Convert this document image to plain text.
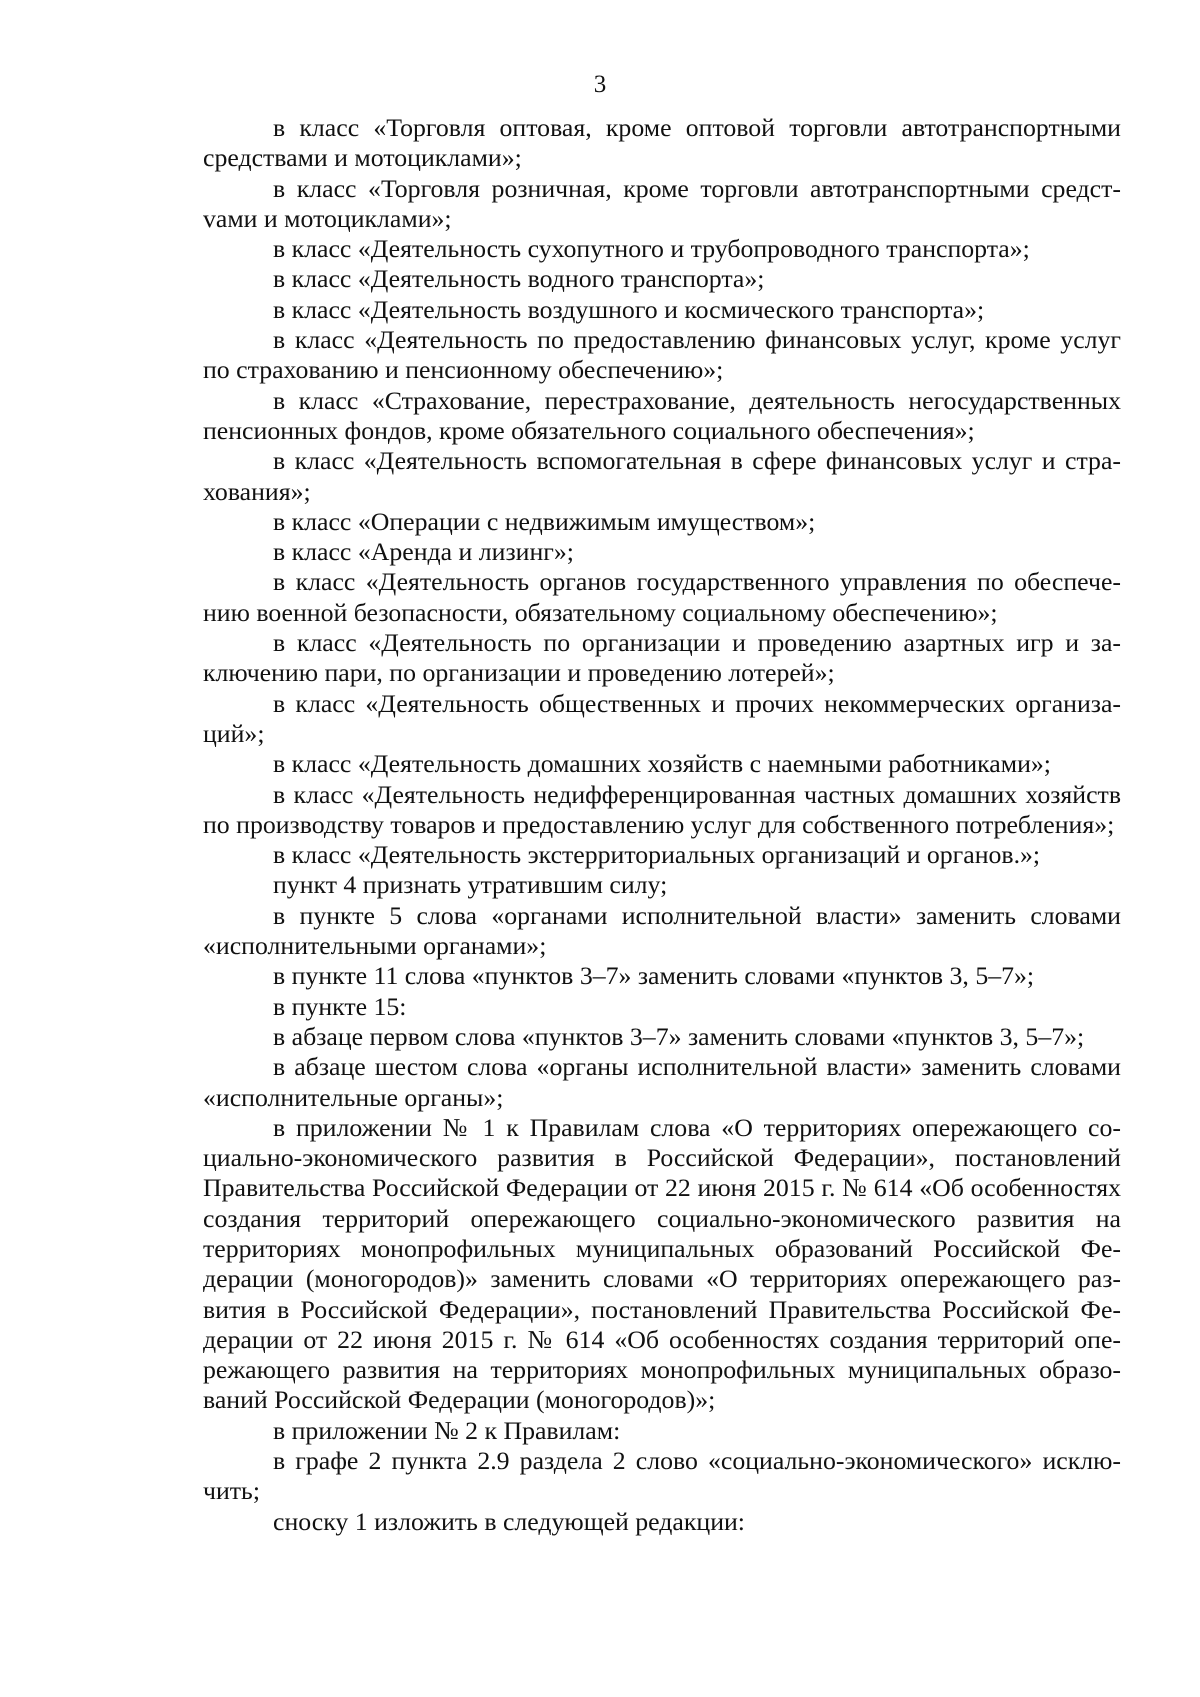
3

в класс «Торговля оптовая, кроме оптовой торговли автотранспортными средствами и мотоциклами»;

в класс «Торговля розничная, кроме торговли автотранспортными средстvами и мотоциклами»;

в класс «Деятельность сухопутного и трубопроводного транспорта»;

в класс «Деятельность водного транспорта»;

в класс «Деятельность воздушного и космического транспорта»;

в класс «Деятельность по предоставлению финансовых услуг, кроме услуг по страхованию и пенсионному обеспечению»;

в класс «Страхование, перестрахование, деятельность негосударственных пенсионных фондов, кроме обязательного социального обеспечения»;

в класс «Деятельность вспомогательная в сфере финансовых услуг и страхования»;

в класс «Операции с недвижимым имуществом»;

в класс «Аренда и лизинг»;

в класс «Деятельность органов государственного управления по обеспечению военной безопасности, обязательному социальному обеспечению»;

в класс «Деятельность по организации и проведению азартных игр и заключению пари, по организации и проведению лотерей»;

в класс «Деятельность общественных и прочих некоммерческих организаций»;

в класс «Деятельность домашних хозяйств с наемными работниками»;

в класс «Деятельность недифференцированная частных домашних хозяйств по производству товаров и предоставлению услуг для собственного потребления»;

в класс «Деятельность экстерриториальных организаций и органов.»;

пункт 4 признать утратившим силу;

в пункте 5 слова «органами исполнительной власти» заменить словами «исполнительными органами»;

в пункте 11 слова «пунктов 3–7» заменить словами «пунктов 3, 5–7»;

в пункте 15:

в абзаце первом слова «пунктов 3–7» заменить словами «пунктов 3, 5–7»;

в абзаце шестом слова «органы исполнительной власти» заменить словами «исполнительные органы»;

в приложении № 1 к Правилам слова «О территориях опережающего социально-экономического развития в Российской Федерации», постановлений Правительства Российской Федерации от 22 июня 2015 г. № 614 «Об особенностях создания территорий опережающего социально-экономического развития на территориях монопрофильных муниципальных образований Российской Федерации (моногородов)» заменить словами «О территориях опережающего развития в Российской Федерации», постановлений Правительства Российской Федерации от 22 июня 2015 г. № 614 «Об особенностях создания территорий опережающего развития на территориях монопрофильных муниципальных образований Российской Федерации (моногородов)»;

в приложении № 2 к Правилам:

в графе 2 пункта 2.9 раздела 2 слово «социально-экономического» исключить;

сноску 1 изложить в следующей редакции:
